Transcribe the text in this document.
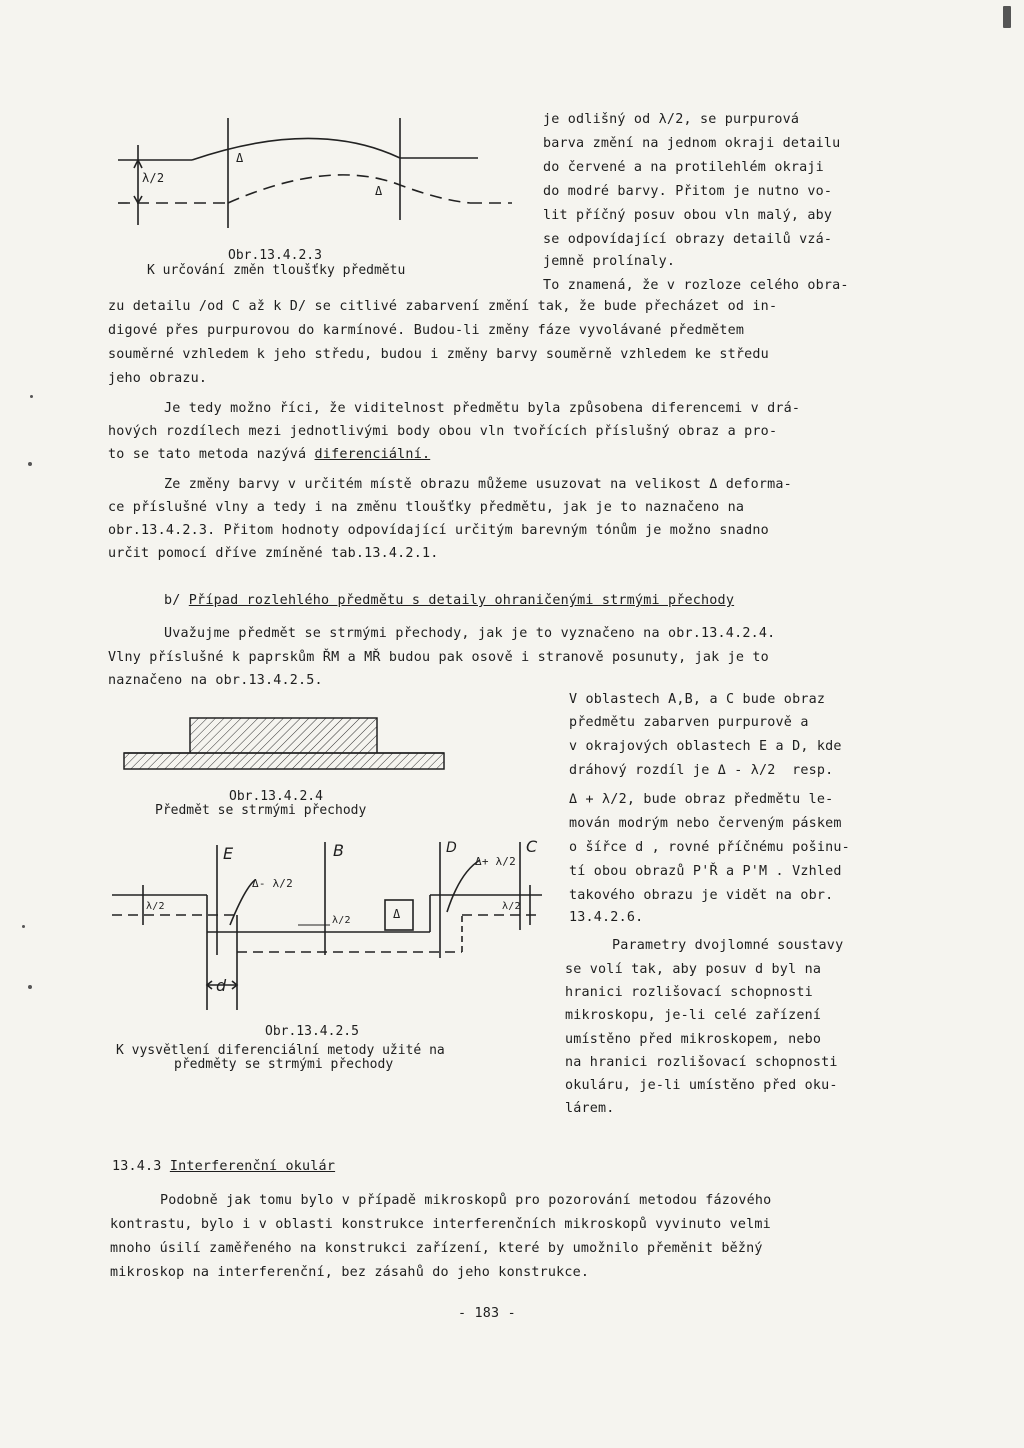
λ/2
Δ
Δ
Obr.13.4.2.3
K určování změn tloušťky předmětu
je odlišný od λ/2, se purpurová
barva změní na jednom okraji detailu
do červené a na protilehlém okraji
do modré barvy. Přitom je nutno vo-
lit příčný posuv obou vln malý, aby
se odpovídající obrazy detailů vzá-
jemně prolínaly.
To znamená, že v rozloze celého obra-
zu detailu /od C až k D/ se citlivé zabarvení změní tak, že bude přecházet od in-
digové přes purpurovou do karmínové. Budou-li změny fáze vyvolávané předmětem
souměrné vzhledem k jeho středu, budou i změny barvy souměrně vzhledem ke středu
jeho obrazu.
Je tedy možno říci, že viditelnost předmětu byla způsobena diferencemi v drá-
hových rozdílech mezi jednotlivými body obou vln tvořících příslušný obraz a pro-
to se tato metoda nazývá diferenciální.
Ze změny barvy v určitém místě obrazu můžeme usuzovat na velikost Δ deforma-
ce příslušné vlny a tedy i na změnu tloušťky předmětu, jak je to naznačeno na
obr.13.4.2.3. Přitom hodnoty odpovídající určitým barevným tónům je možno snadno
určit pomocí dříve zmíněné tab.13.4.2.1.
b/ Případ rozlehlého předmětu s detaily ohraničenými strmými přechody
Uvažujme předmět se strmými přechody, jak je to vyznačeno na obr.13.4.2.4.
Vlny příslušné k paprskům ŘM a MŘ budou pak osově i stranově posunuty, jak je to
naznačeno na obr.13.4.2.5.
Obr.13.4.2.4
Předmět se strmými přechody
E	B	D	C
Δ- λ/2
Δ+ λ/2
Δ
λ/2
λ/2
λ/2
d
Obr.13.4.2.5
K vysvětlení diferenciální metody užité na
předměty se strmými přechody
V oblastech A,B, a C bude obraz
předmětu zabarven purpurově a
v okrajových oblastech E a D, kde
dráhový rozdíl je Δ - λ/2  resp.
Δ + λ/2, bude obraz předmětu le-
mován modrým nebo červeným páskem
o šířce d , rovné příčnému pošinu-
tí obou obrazů P'Ř a P'M . Vzhled
takového obrazu je vidět na obr.
13.4.2.6.
Parametry dvojlomné soustavy
se volí tak, aby posuv d byl na
hranici rozlišovací schopnosti
mikroskopu, je-li celé zařízení
umístěno před mikroskopem, nebo
na hranici rozlišovací schopnosti
okuláru, je-li umístěno před oku-
lárem.
13.4.3 Interferenční okulár
Podobně jak tomu bylo v případě mikroskopů pro pozorování metodou fázového
kontrastu, bylo i v oblasti konstrukce interferenčních mikroskopů vyvinuto velmi
mnoho úsilí zaměřeného na konstrukci zařízení, které by umožnilo přeměnit běžný
mikroskop na interferenční, bez zásahů do jeho konstrukce.
- 183 -
